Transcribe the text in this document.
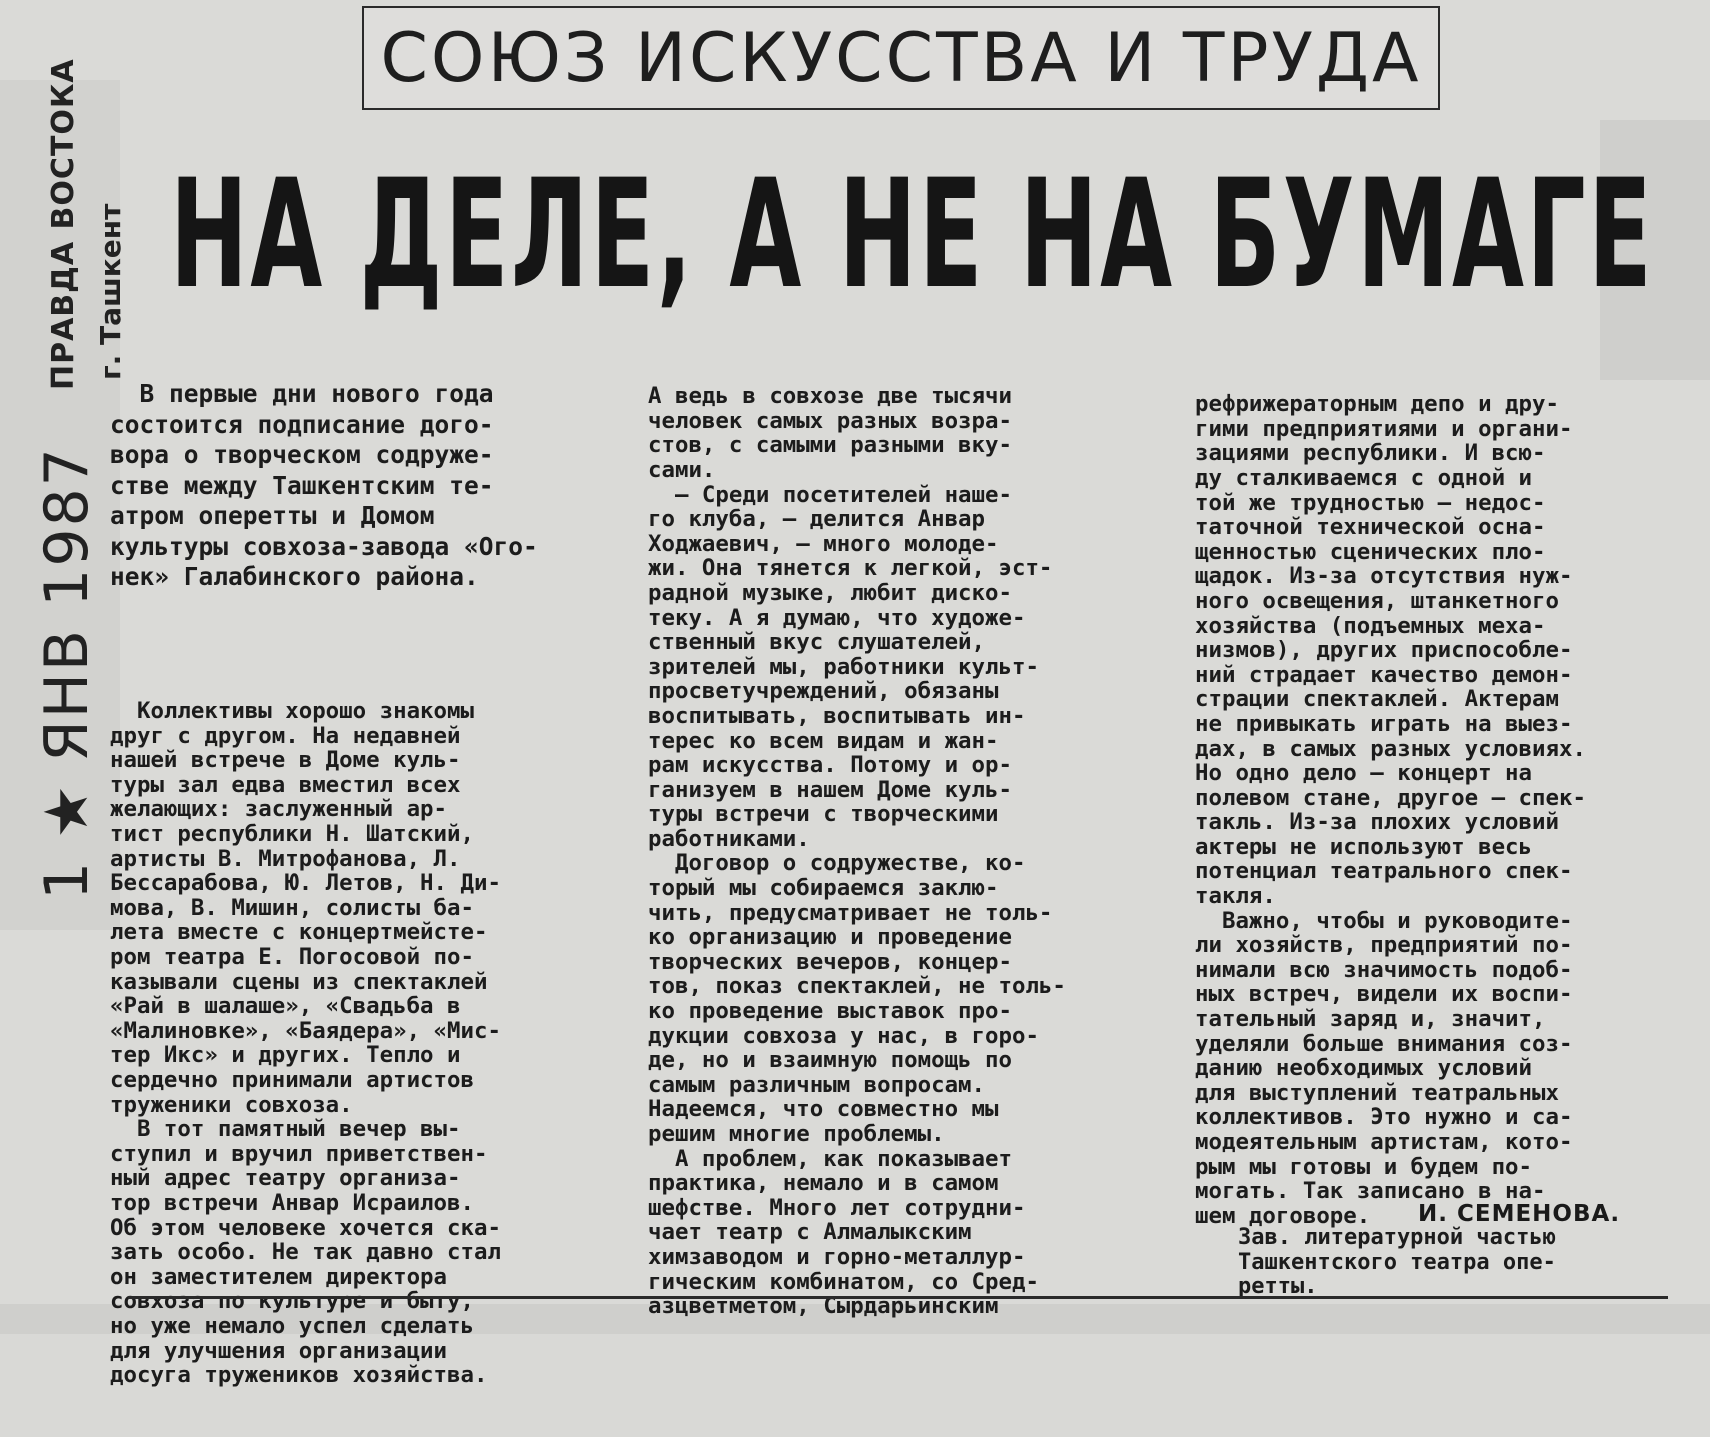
СОЮЗ ИСКУССТВА И ТРУДА
НА ДЕЛЕ, А НЕ НА БУМАГЕ
ПРАВДА ВОСТОКА г. Ташкент
1 ★ ЯНВ 1987

В первые дни нового года
состоится подписание дого-
вора о творческом содруже-
стве между Ташкентским те-
атром оперетты и Домом
культуры совхоза-завода «Ого-
нек» Галабинского района.

Коллективы хорошо знакомы
друг с другом. На недавней
нашей встрече в Доме куль-
туры зал едва вместил всех
желающих: заслуженный ар-
тист республики Н. Шатский,
артисты В. Митрофанова, Л.
Бессарабова, Ю. Летов, Н. Ди-
мова, В. Мишин, солисты ба-
лета вместе с концертмейсте-
ром театра Е. Погосовой по-
казывали сцены из спектаклей
«Рай в шалаше», «Свадьба в
«Малиновке», «Баядера», «Мис-
тер Икс» и других. Тепло и
сердечно принимали артистов
труженики совхоза.
В тот памятный вечер вы-
ступил и вручил приветствен-
ный адрес театру организа-
тор встречи Анвар Исраилов.
Об этом человеке хочется ска-
зать особо. Не так давно стал
он заместителем директора
совхоза по культуре и быту,
но уже немало успел сделать
для улучшения организации
досуга тружеников хозяйства.

А ведь в совхозе две тысячи
человек самых разных возра-
стов, с самыми разными вку-
сами.
— Среди посетителей наше-
го клуба, — делится Анвар
Ходжаевич, — много молоде-
жи. Она тянется к легкой, эст-
радной музыке, любит диско-
теку. А я думаю, что художе-
ственный вкус слушателей,
зрителей мы, работники культ-
просветучреждений, обязаны
воспитывать, воспитывать ин-
терес ко всем видам и жан-
рам искусства. Потому и ор-
ганизуем в нашем Доме куль-
туры встречи с творческими
работниками.
Договор о содружестве, ко-
торый мы собираемся заклю-
чить, предусматривает не толь-
ко организацию и проведение
творческих вечеров, концер-
тов, показ спектаклей, не толь-
ко проведение выставок про-
дукции совхоза у нас, в горо-
де, но и взаимную помощь по
самым различным вопросам.
Надеемся, что совместно мы
решим многие проблемы.
А проблем, как показывает
практика, немало и в самом
шефстве. Много лет сотрудни-
чает театр с Алмалыкским
химзаводом и горно-металлур-
гическим комбинатом, со Сред-
азцветметом, Сырдарьинским

рефрижераторным депо и дру-
гими предприятиями и органи-
зациями республики. И всю-
ду сталкиваемся с одной и
той же трудностью — недос-
таточной технической осна-
щенностью сценических пло-
щадок. Из-за отсутствия нуж-
ного освещения, штанкетного
хозяйства (подъемных меха-
низмов), других приспособле-
ний страдает качество демон-
страции спектаклей. Актерам
не привыкать играть на выез-
дах, в самых разных условиях.
Но одно дело — концерт на
полевом стане, другое — спек-
такль. Из-за плохих условий
актеры не используют весь
потенциал театрального спек-
такля.
Важно, чтобы и руководите-
ли хозяйств, предприятий по-
нимали всю значимость подоб-
ных встреч, видели их воспи-
тательный заряд и, значит,
уделяли больше внимания соз-
данию необходимых условий
для выступлений театральных
коллективов. Это нужно и са-
модеятельным артистам, кото-
рым мы готовы и будем по-
могать. Так записано в на-
шем договоре.

	И. СЕМЕНОВА.
Зав. литературной частью
Ташкентского театра опе-
ретты.
